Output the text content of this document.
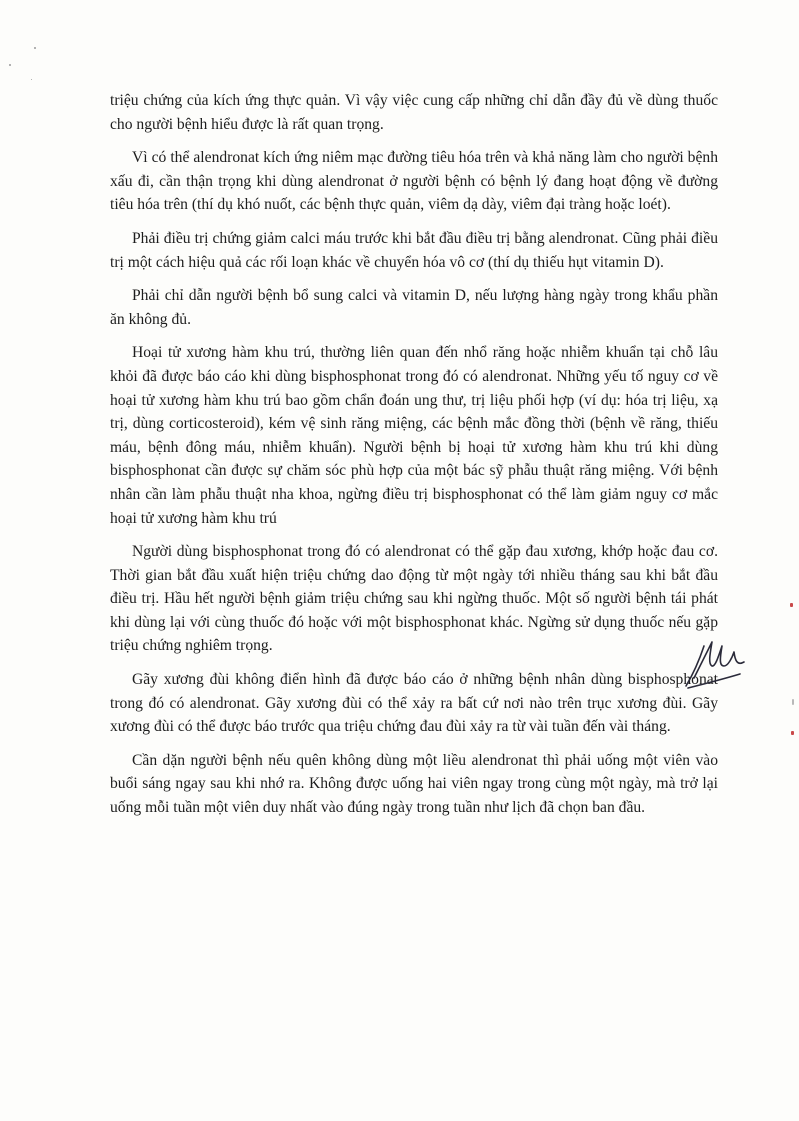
triệu chứng của kích ứng thực quản. Vì vậy việc cung cấp những chỉ dẫn đầy đủ về dùng thuốc cho người bệnh hiểu được là rất quan trọng.

Vì có thể alendronat kích ứng niêm mạc đường tiêu hóa trên và khả năng làm cho người bệnh xấu đi, cần thận trọng khi dùng alendronat ở người bệnh có bệnh lý đang hoạt động về đường tiêu hóa trên (thí dụ khó nuốt, các bệnh thực quản, viêm dạ dày, viêm đại tràng hoặc loét).

Phải điều trị chứng giảm calci máu trước khi bắt đầu điều trị bằng alendronat. Cũng phải điều trị một cách hiệu quả các rối loạn khác về chuyển hóa vô cơ (thí dụ thiếu hụt vitamin D).

Phải chỉ dẫn người bệnh bổ sung calci và vitamin D, nếu lượng hàng ngày trong khẩu phần ăn không đủ.

Hoại tử xương hàm khu trú, thường liên quan đến nhổ răng hoặc nhiễm khuẩn tại chỗ lâu khỏi đã được báo cáo khi dùng bisphosphonat trong đó có alendronat. Những yếu tố nguy cơ về hoại tử xương hàm khu trú bao gồm chẩn đoán ung thư, trị liệu phối hợp (ví dụ: hóa trị liệu, xạ trị, dùng corticosteroid), kém vệ sinh răng miệng, các bệnh mắc đồng thời (bệnh về răng, thiếu máu, bệnh đông máu, nhiễm khuẩn). Người bệnh bị hoại tử xương hàm khu trú khi dùng bisphosphonat cần được sự chăm sóc phù hợp của một bác sỹ phẫu thuật răng miệng. Với bệnh nhân cần làm phẫu thuật nha khoa, ngừng điều trị bisphosphonat có thể làm giảm nguy cơ mắc hoại tử xương hàm khu trú

Người dùng bisphosphonat trong đó có alendronat có thể gặp đau xương, khớp hoặc đau cơ. Thời gian bắt đầu xuất hiện triệu chứng dao động từ một ngày tới nhiều tháng sau khi bắt đầu điều trị. Hầu hết người bệnh giảm triệu chứng sau khi ngừng thuốc. Một số người bệnh tái phát khi dùng lại với cùng thuốc đó hoặc với một bisphosphonat khác. Ngừng sử dụng thuốc nếu gặp triệu chứng nghiêm trọng.

Gãy xương đùi không điển hình đã được báo cáo ở những bệnh nhân dùng bisphosphonat trong đó có alendronat. Gãy xương đùi có thể xảy ra bất cứ nơi nào trên trục xương đùi. Gãy xương đùi có thể được báo trước qua triệu chứng đau đùi xảy ra từ vài tuần đến vài tháng.

Cần dặn người bệnh nếu quên không dùng một liều alendronat thì phải uống một viên vào buổi sáng ngay sau khi nhớ ra. Không được uống hai viên ngay trong cùng một ngày, mà trở lại uống mỗi tuần một viên duy nhất vào đúng ngày trong tuần như lịch đã chọn ban đầu.
